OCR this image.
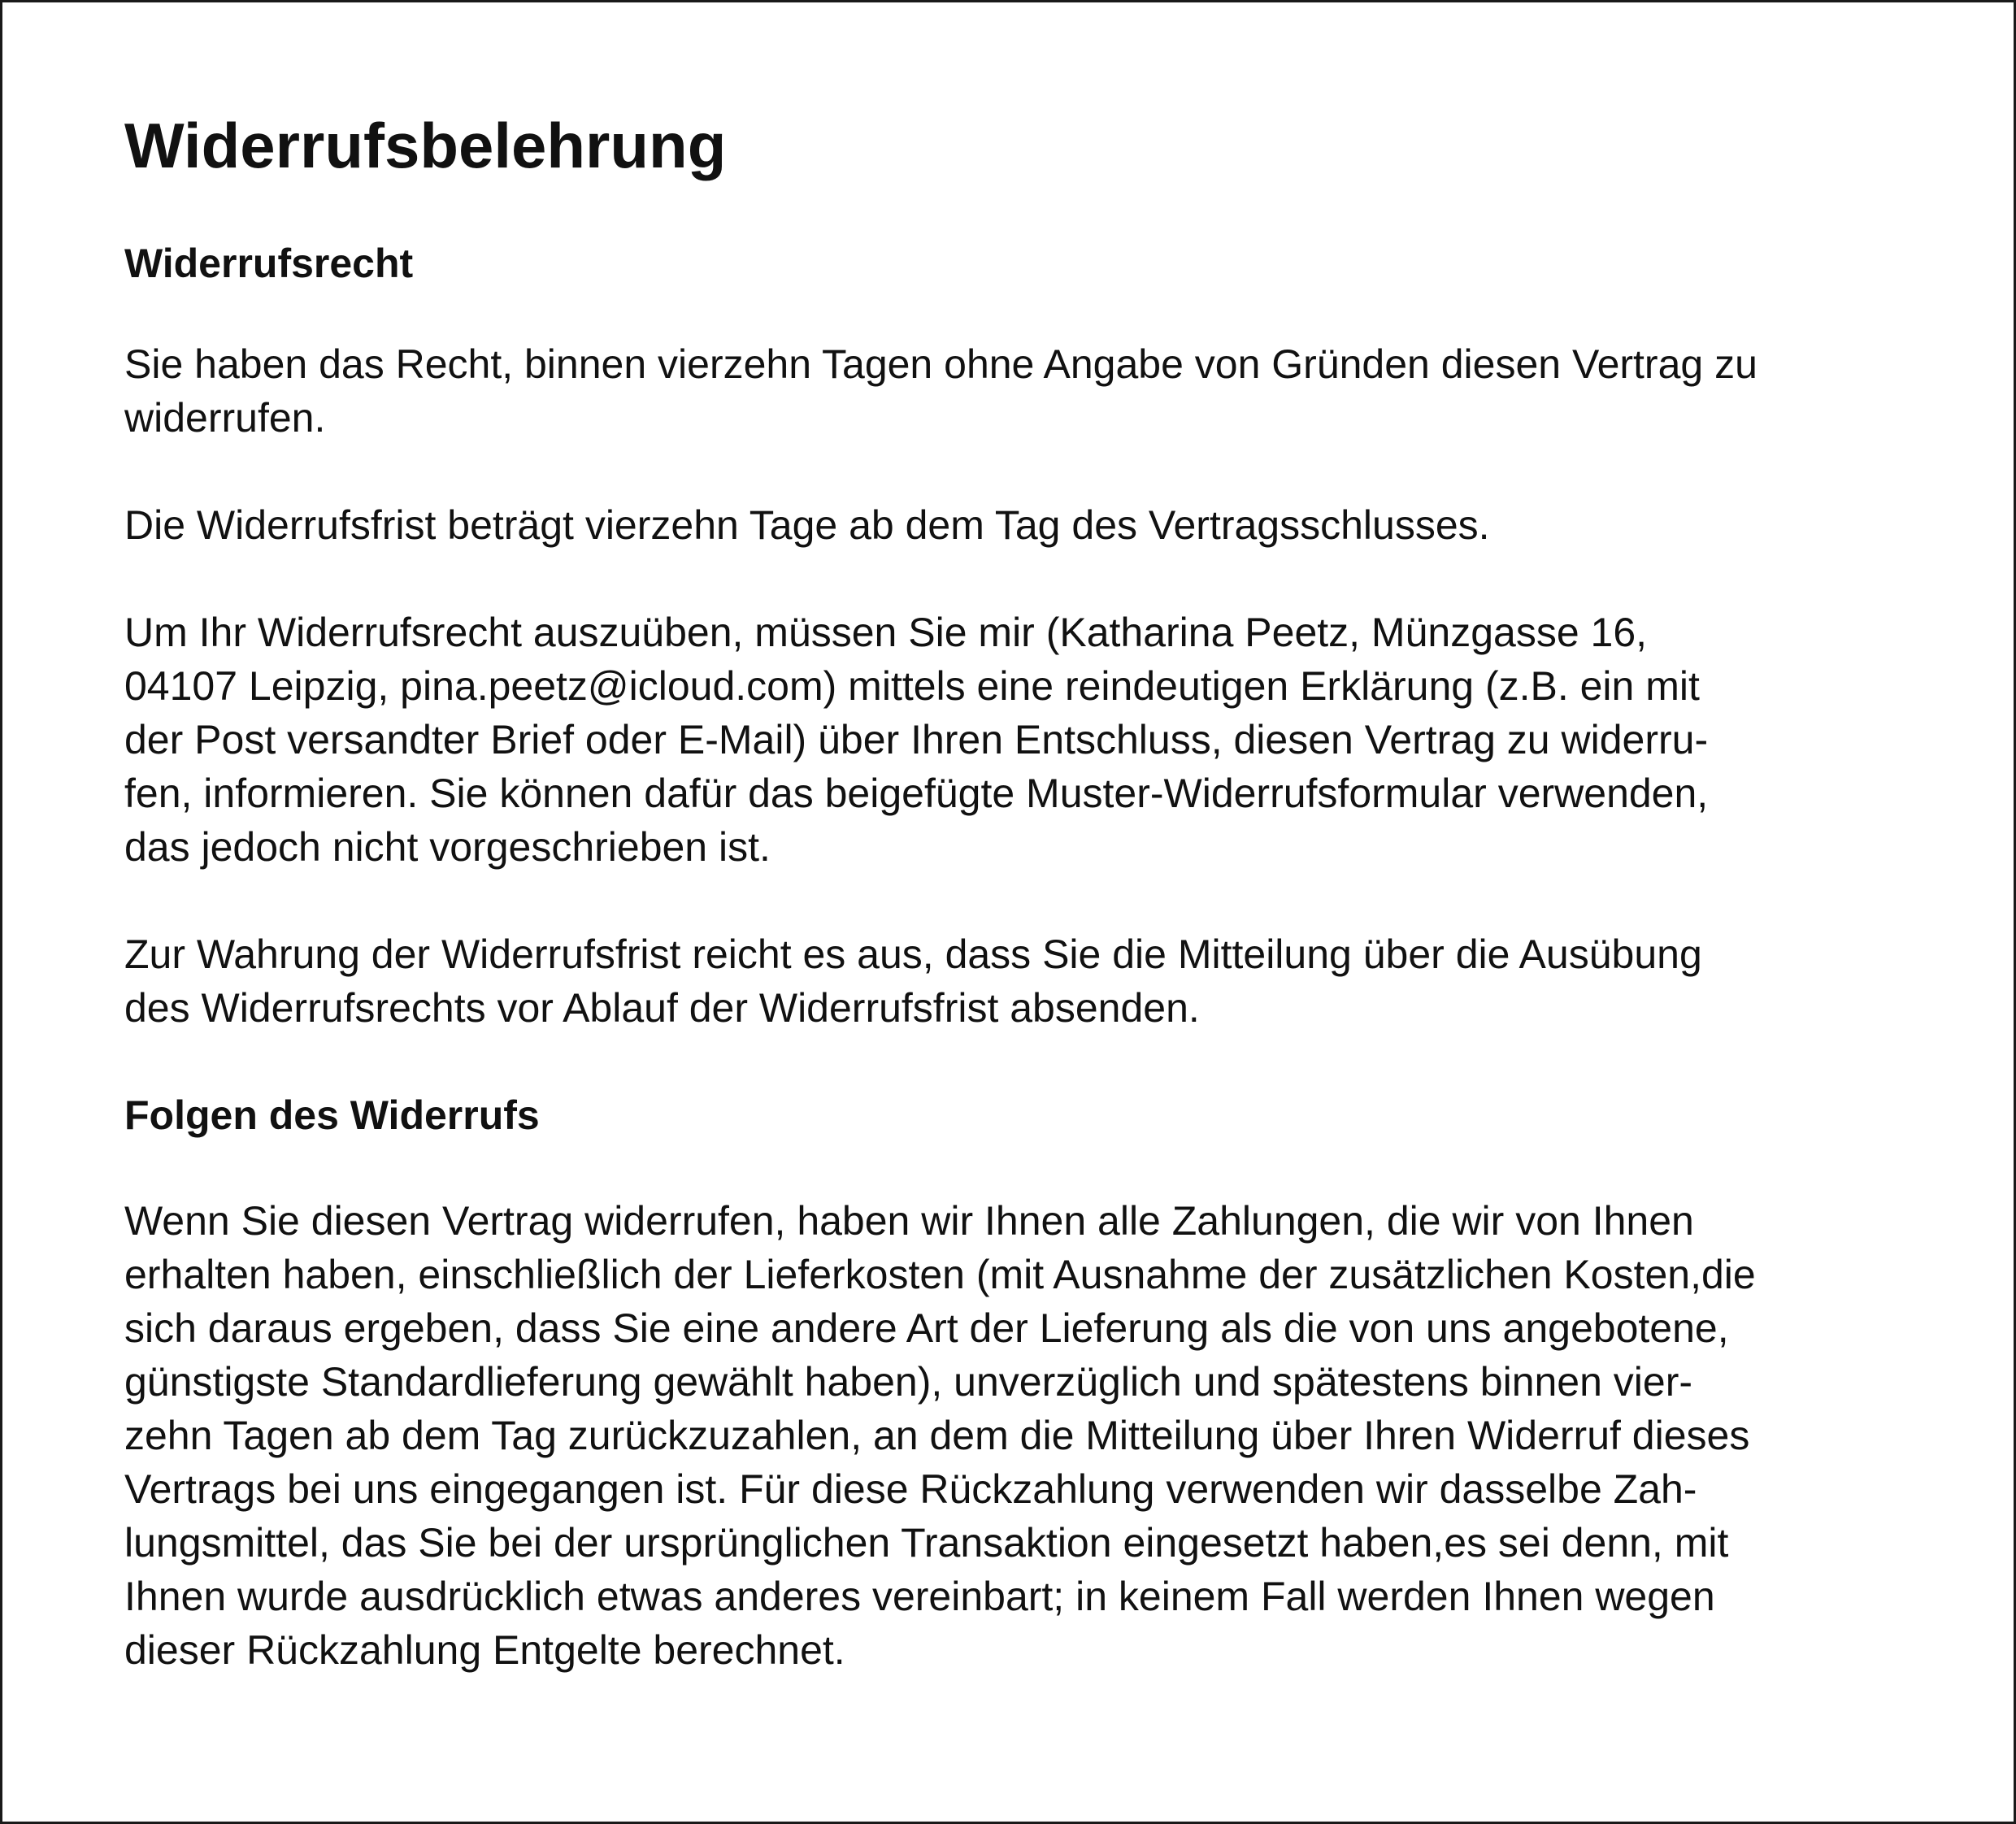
Widerrufsbelehrung
Widerrufsrecht

Sie haben das Recht, binnen vierzehn Tagen ohne Angabe von Gründen diesen Vertrag zu
widerrufen.

Die Widerrufsfrist beträgt vierzehn Tage ab dem Tag des Vertragsschlusses.

Um Ihr Widerrufsrecht auszuüben, müssen Sie mir (Katharina Peetz, Münzgasse 16,
04107 Leipzig, pina.peetz@icloud.com) mittels eine reindeutigen Erklärung (z.B. ein mit
der Post versandter Brief oder E-Mail) über Ihren Entschluss, diesen Vertrag zu widerru-
fen, informieren. Sie können dafür das beigefügte Muster-Widerrufsformular verwenden,
das jedoch nicht vorgeschrieben ist.

Zur Wahrung der Widerrufsfrist reicht es aus, dass Sie die Mitteilung über die Ausübung
des Widerrufsrechts vor Ablauf der Widerrufsfrist absenden.

Folgen des Widerrufs

Wenn Sie diesen Vertrag widerrufen, haben wir Ihnen alle Zahlungen, die wir von Ihnen
erhalten haben, einschließlich der Lieferkosten (mit Ausnahme der zusätzlichen Kosten,die
sich daraus ergeben, dass Sie eine andere Art der Lieferung als die von uns angebotene,
günstigste Standardlieferung gewählt haben), unverzüglich und spätestens binnen vier-
zehn Tagen ab dem Tag zurückzuzahlen, an dem die Mitteilung über Ihren Widerruf dieses
Vertrags bei uns eingegangen ist. Für diese Rückzahlung verwenden wir dasselbe Zah-
lungsmittel, das Sie bei der ursprünglichen Transaktion eingesetzt haben,es sei denn, mit
Ihnen wurde ausdrücklich etwas anderes vereinbart; in keinem Fall werden Ihnen wegen
dieser Rückzahlung Entgelte berechnet.
